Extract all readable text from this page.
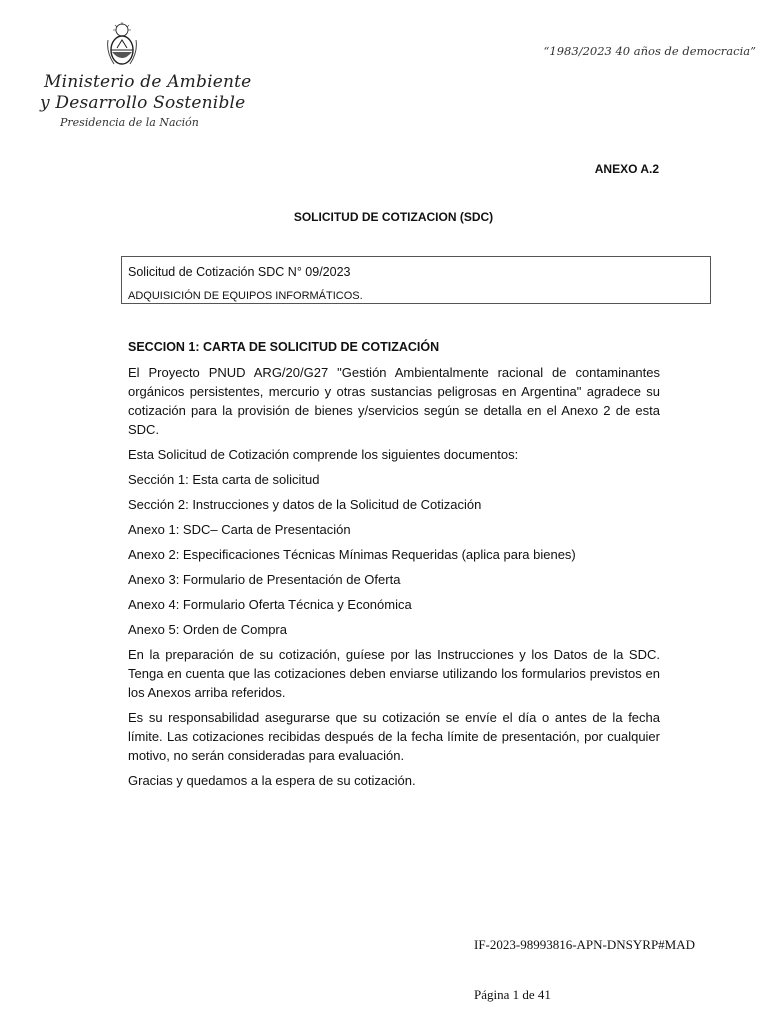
Ministerio de Ambiente
y Desarrollo Sostenible
Presidencia de la Nación
“1983/2023 40 años de democracia”
ANEXO A.2
SOLICITUD DE COTIZACION (SDC)
Solicitud de Cotización SDC N° 09/2023
ADQUISICIÓN DE EQUIPOS INFORMÁTICOS.

SECCION 1: CARTA DE SOLICITUD DE COTIZACIÓN

El Proyecto PNUD ARG/20/G27 "Gestión Ambientalmente racional de contaminantes orgánicos persistentes, mercurio y otras sustancias peligrosas en Argentina" agradece su cotización para la provisión de bienes y/servicios según se detalla en el Anexo 2 de esta SDC.

Esta Solicitud de Cotización comprende los siguientes documentos:

Sección 1: Esta carta de solicitud

Sección 2: Instrucciones y datos de la Solicitud de Cotización

Anexo 1: SDC– Carta de Presentación

Anexo 2: Especificaciones Técnicas Mínimas Requeridas (aplica para bienes)

Anexo 3: Formulario de Presentación de Oferta

Anexo 4: Formulario Oferta Técnica y Económica

Anexo 5: Orden de Compra

En la preparación de su cotización, guíese por las Instrucciones y los Datos de la SDC. Tenga en cuenta que las cotizaciones deben enviarse utilizando los formularios previstos en los Anexos arriba referidos.

Es su responsabilidad asegurarse que su cotización se envíe el día o antes de la fecha límite. Las cotizaciones recibidas después de la fecha límite de presentación, por cualquier motivo, no serán consideradas para evaluación.

Gracias y quedamos a la espera de su cotización.

IF-2023-98993816-APN-DNSYRP#MAD
Página 1 de 41
